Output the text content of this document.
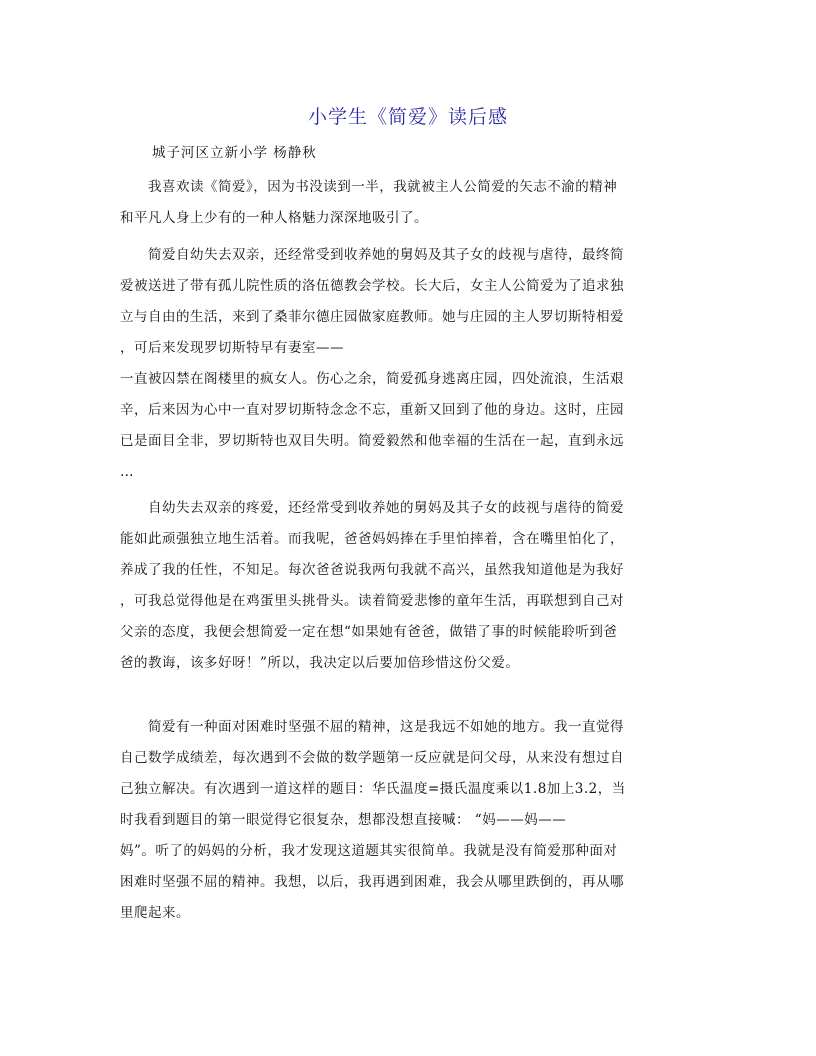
小学生《简爱》读后感

城子河区立新小学 杨静秋

我喜欢读《简爱》，因为书没读到一半，我就被主人公简爱的矢志不渝的精神
和平凡人身上少有的一种人格魅力深深地吸引了。
简爱自幼失去双亲，还经常受到收养她的舅妈及其子女的歧视与虐待，最终简
爱被送进了带有孤儿院性质的洛伍德教会学校。长大后，女主人公简爱为了追求独
立与自由的生活，来到了桑菲尔德庄园做家庭教师。她与庄园的主人罗切斯特相爱
，可后来发现罗切斯特早有妻室——
一直被囚禁在阁楼里的疯女人。伤心之余，简爱孤身逃离庄园，四处流浪，生活艰
辛，后来因为心中一直对罗切斯特念念不忘，重新又回到了他的身边。这时，庄园
已是面目全非，罗切斯特也双目失明。简爱毅然和他幸福的生活在一起，直到永远
…
自幼失去双亲的疼爱，还经常受到收养她的舅妈及其子女的歧视与虐待的简爱
能如此顽强独立地生活着。而我呢，爸爸妈妈捧在手里怕摔着，含在嘴里怕化了，
养成了我的任性，不知足。每次爸爸说我两句我就不高兴，虽然我知道他是为我好
，可我总觉得他是在鸡蛋里头挑骨头。读着简爱悲惨的童年生活，再联想到自己对
父亲的态度，我便会想简爱一定在想“如果她有爸爸，做错了事的时候能聆听到爸
爸的教诲，该多好呀！”所以，我决定以后要加倍珍惜这份父爱。
简爱有一种面对困难时坚强不屈的精神，这是我远不如她的地方。我一直觉得
自己数学成绩差，每次遇到不会做的数学题第一反应就是问父母，从来没有想过自
己独立解决。有次遇到一道这样的题目：华氏温度=摄氏温度乘以1.8加上3.2，当
时我看到题目的第一眼觉得它很复杂，想都没想直接喊： “妈——妈——
妈”。听了的妈妈的分析，我才发现这道题其实很简单。我就是没有简爱那种面对
困难时坚强不屈的精神。我想，以后，我再遇到困难，我会从哪里跌倒的，再从哪
里爬起来。
